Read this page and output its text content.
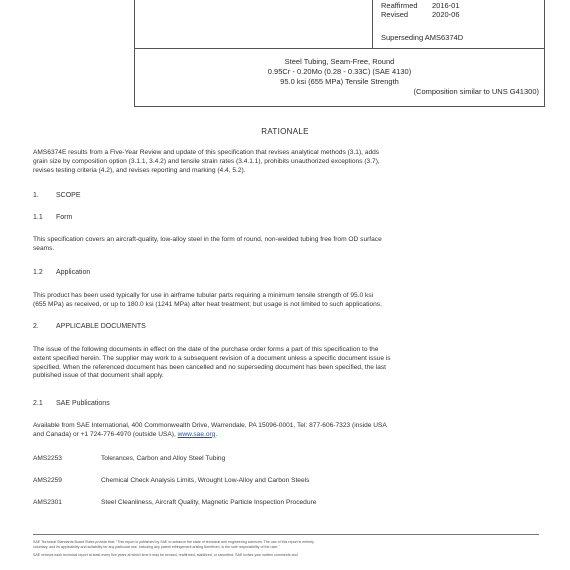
Reaffirmed 2016-01
Revised	2020-06
Superseding AMS6374D
Steel Tubing, Seam-Free, Round
0.95Cr - 0.20Mo (0.28 - 0.33C) (SAE 4130)
95.0 ksi (655 MPa) Tensile Strength
(Composition similar to UNS G41300)
RATIONALE
AMS6374E results from a Five-Year Review and update of this specification that revises analytical methods (3.1), adds
grain size by composition option (3.1.1, 3.4.2) and tensile strain rates (3.4.1.1), prohibits unauthorized exceptions (3.7),
revises testing criteria (4.2), and revises reporting and marking (4.4, 5.2).
1. SCOPE
1.1 Form
This specification covers an aircraft-quality, low-alloy steel in the form of round, non-welded tubing free from OD surface
seams.
1.2 Application
This product has been used typically for use in airframe tubular parts requiring a minimum tensile strength of 95.0 ksi
(655 MPa) as received, or up to 180.0 ksi (1241 MPa) after heat treatment; but usage is not limited to such applications.
2. APPLICABLE DOCUMENTS
The issue of the following documents in effect on the date of the purchase order forms a part of this specification to the
extent specified herein. The supplier may work to a subsequent revision of a document unless a specific document issue is
specified. When the referenced document has been cancelled and no superseding document has been specified, the last
published issue of that document shall apply.
2.1 SAE Publications
Available from SAE International, 400 Commonwealth Drive, Warrendale, PA 15096-0001, Tel: 877-606-7323 (inside USA
and Canada) or +1 724-776-4970 (outside USA), www.sae.org.
AMS2253	Tolerances, Carbon and Alloy Steel Tubing
AMS2259	Chemical Check Analysis Limits, Wrought Low-Alloy and Carbon Steels
AMS2301	Steel Cleanliness, Aircraft Quality, Magnetic Particle Inspection Procedure
SAE Technical Standards Board Rules provide that: "This report is published by SAE to advance the state of technical and engineering sciences. The use of this report is entirely
voluntary, and its applicability and suitability for any particular use, including any patent infringement arising therefrom, is the sole responsibility of the user."
SAE reviews each technical report at least every five years at which time it may be revised, reaffirmed, stabilized, or cancelled. SAE invites your written comments and
